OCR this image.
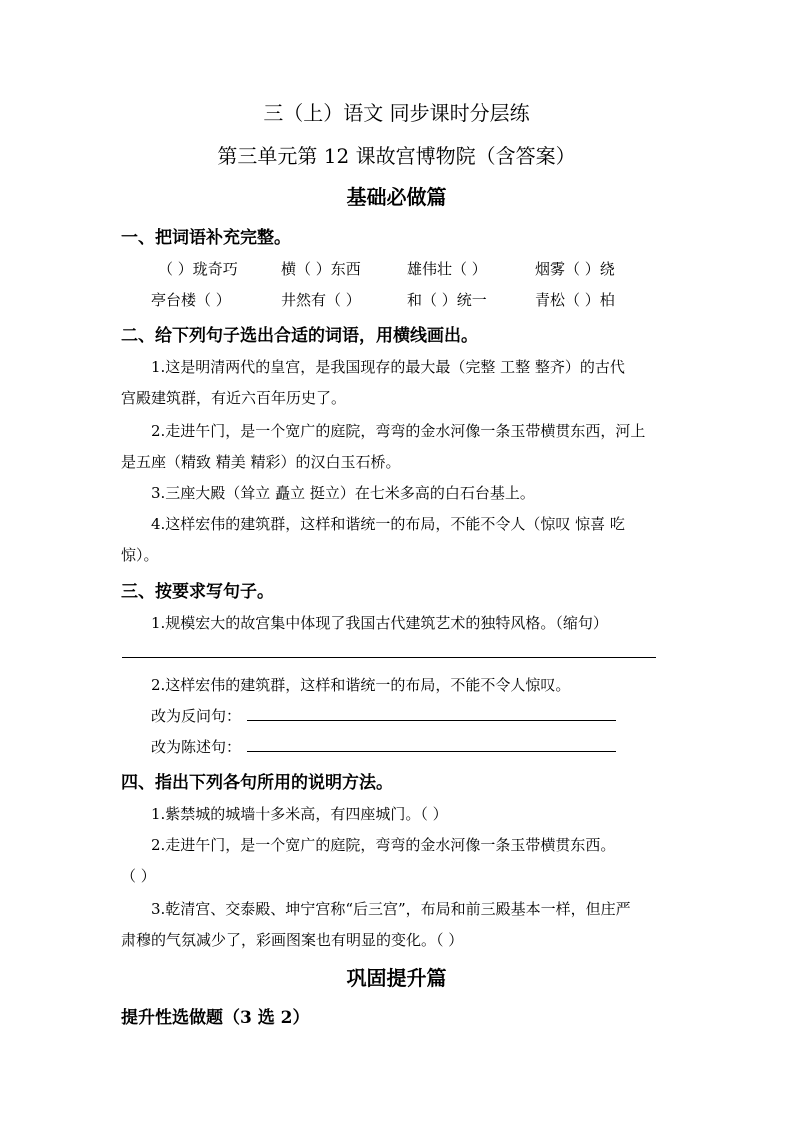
三（上）语文 同步课时分层练
第三单元第 12 课故宫博物院（含答案）
基础必做篇
一、把词语补充完整。
（ ）珑奇巧	横（ ）东西	雄伟壮（ ）	烟雾（ ）绕
亭台楼（ ）	井然有（ ）	和（ ）统一	青松（ ）柏
二、给下列句子选出合适的词语，用横线画出。
1.这是明清两代的皇宫，是我国现存的最大最（完整 工整 整齐）的古代
宫殿建筑群，有近六百年历史了。
2.走进午门，是一个宽广的庭院，弯弯的金水河像一条玉带横贯东西，河上
是五座（精致 精美 精彩）的汉白玉石桥。
3.三座大殿（耸立 矗立 挺立）在七米多高的白石台基上。
4.这样宏伟的建筑群，这样和谐统一的布局，不能不令人（惊叹 惊喜 吃
惊）。
三、按要求写句子。
1.规模宏大的故宫集中体现了我国古代建筑艺术的独特风格。（缩句）
2.这样宏伟的建筑群，这样和谐统一的布局，不能不令人惊叹。
改为反问句：
改为陈述句：
四、指出下列各句所用的说明方法。
1.紫禁城的城墙十多米高，有四座城门。（ ）
2.走进午门，是一个宽广的庭院，弯弯的金水河像一条玉带横贯东西。
（ ）
3.乾清宫、交泰殿、坤宁宫称“后三宫”，布局和前三殿基本一样，但庄严
肃穆的气氛减少了，彩画图案也有明显的变化。（ ）
巩固提升篇
提升性选做题（3 选 2）
